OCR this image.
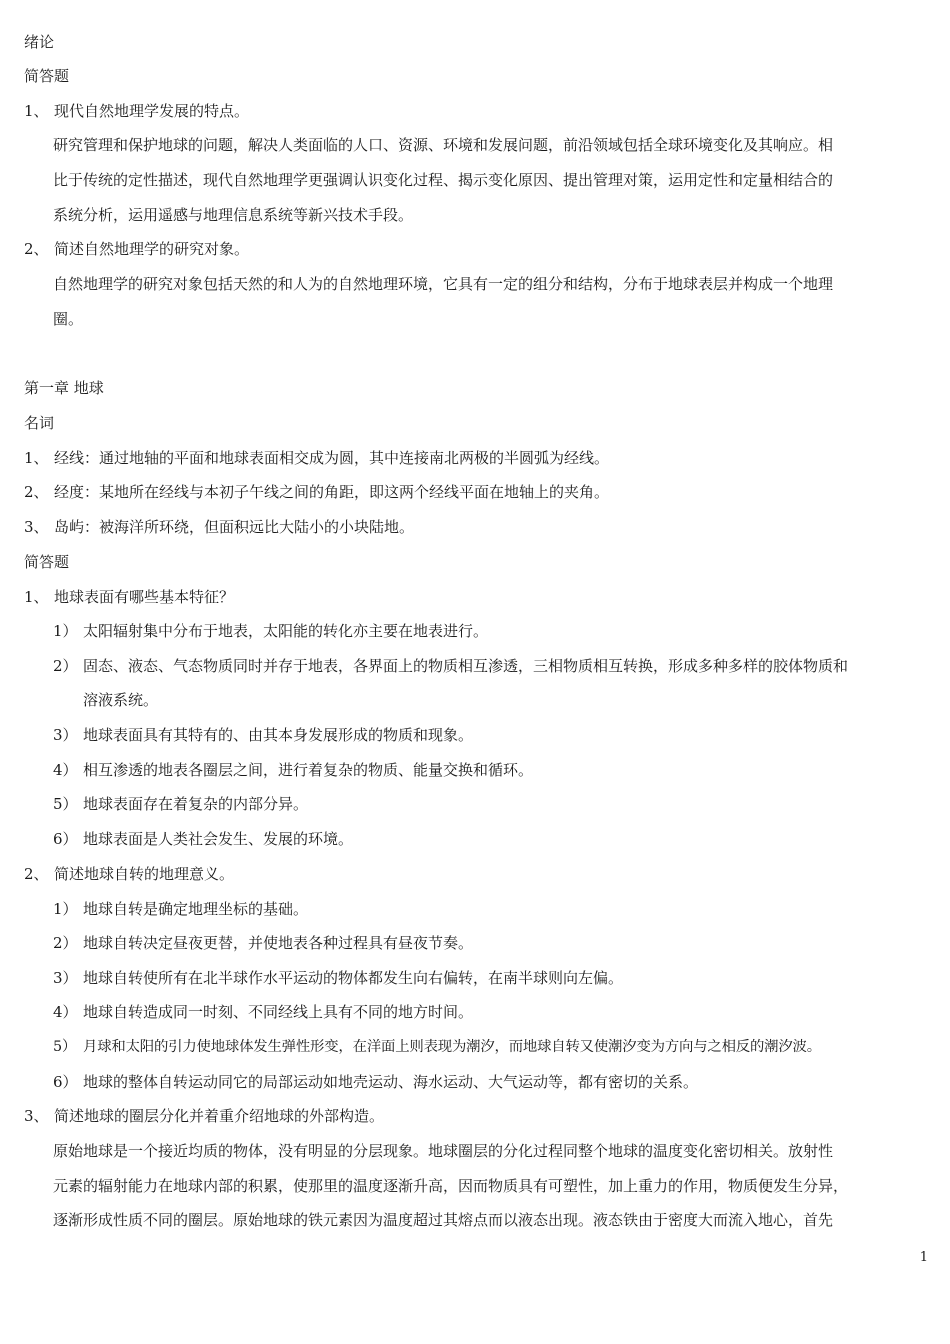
绪论
简答题
1、 现代自然地理学发展的特点。
研究管理和保护地球的问题，解决人类面临的人口、资源、环境和发展问题，前沿领域包括全球环境变化及其响应。相
比于传统的定性描述，现代自然地理学更强调认识变化过程、揭示变化原因、提出管理对策，运用定性和定量相结合的
系统分析，运用遥感与地理信息系统等新兴技术手段。
2、 简述自然地理学的研究对象。
自然地理学的研究对象包括天然的和人为的自然地理环境，它具有一定的组分和结构，分布于地球表层并构成一个地理
圈。
第一章 地球
名词
1、 经线：通过地轴的平面和地球表面相交成为圆，其中连接南北两极的半圆弧为经线。
2、 经度：某地所在经线与本初子午线之间的角距，即这两个经线平面在地轴上的夹角。
3、 岛屿：被海洋所环绕，但面积远比大陆小的小块陆地。
简答题
1、 地球表面有哪些基本特征？
1） 太阳辐射集中分布于地表，太阳能的转化亦主要在地表进行。
2） 固态、液态、气态物质同时并存于地表，各界面上的物质相互渗透，三相物质相互转换，形成多种多样的胶体物质和
溶液系统。
3） 地球表面具有其特有的、由其本身发展形成的物质和现象。
4） 相互渗透的地表各圈层之间，进行着复杂的物质、能量交换和循环。
5） 地球表面存在着复杂的内部分异。
6） 地球表面是人类社会发生、发展的环境。
2、 简述地球自转的地理意义。
1） 地球自转是确定地理坐标的基础。
2） 地球自转决定昼夜更替，并使地表各种过程具有昼夜节奏。
3） 地球自转使所有在北半球作水平运动的物体都发生向右偏转，在南半球则向左偏。
4） 地球自转造成同一时刻、不同经线上具有不同的地方时间。
5） 月球和太阳的引力使地球体发生弹性形变，在洋面上则表现为潮汐，而地球自转又使潮汐变为方向与之相反的潮汐波。
6） 地球的整体自转运动同它的局部运动如地壳运动、海水运动、大气运动等，都有密切的关系。
3、 简述地球的圈层分化并着重介绍地球的外部构造。
原始地球是一个接近均质的物体，没有明显的分层现象。地球圈层的分化过程同整个地球的温度变化密切相关。放射性
元素的辐射能力在地球内部的积累，使那里的温度逐渐升高，因而物质具有可塑性，加上重力的作用，物质便发生分异，
逐渐形成性质不同的圈层。原始地球的铁元素因为温度超过其熔点而以液态出现。液态铁由于密度大而流入地心，首先
1
